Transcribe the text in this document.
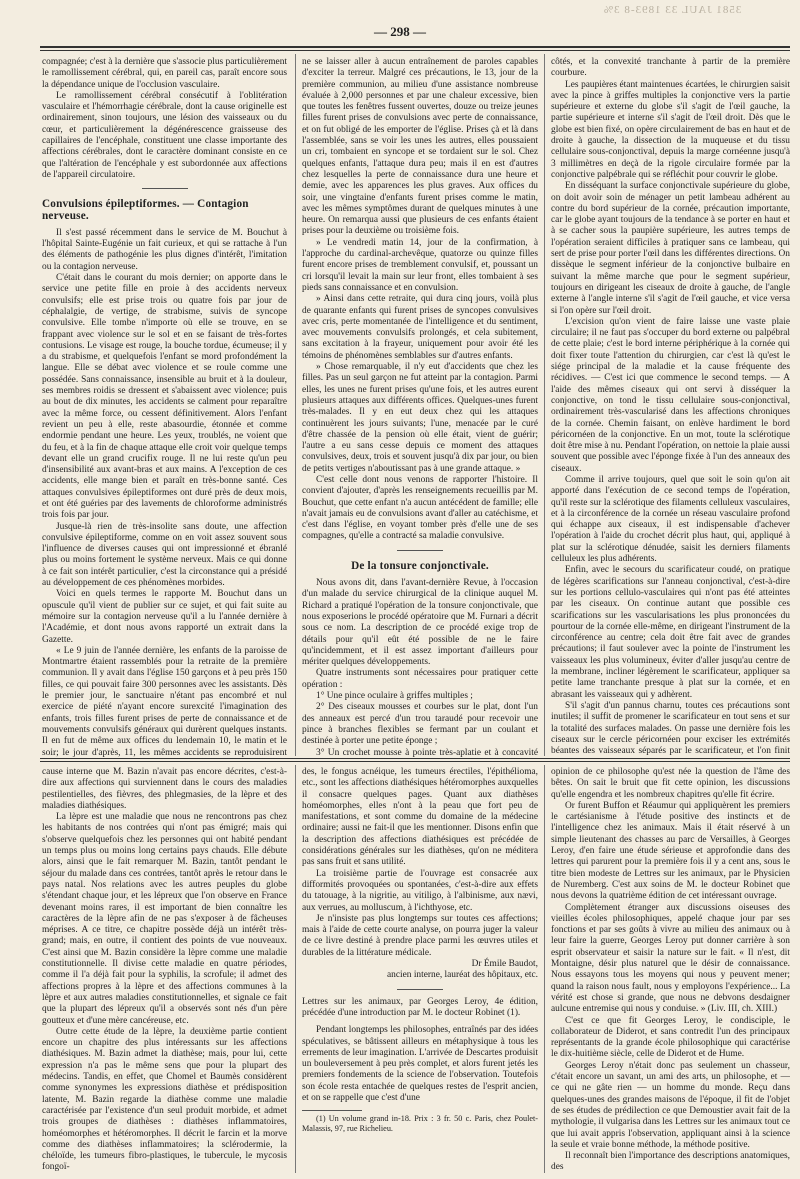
3581 JAUL 33 1893-8 3%
— 298 —

compagnée; c'est à la dernière que s'associe plus particulièrement le ramollissement cérébral, qui, en pareil cas, paraît encore sous la dépendance unique de l'occlusion vasculaire.

Le ramollissement cérébral consécutif à l'oblitération vasculaire et l'hémorrhagie cérébrale, dont la cause originelle est ordinairement, sinon toujours, une lésion des vaisseaux ou du cœur, et particulièrement la dégénérescence graisseuse des capillaires de l'encéphale, constituent une classe importante des affections cérébrales, dont le caractère dominant consiste en ce que l'altération de l'encéphale y est subordonnée aux affections de l'appareil circulatoire.

Convulsions épileptiformes. — Contagion nerveuse.

Il s'est passé récemment dans le service de M. Bouchut à l'hôpital Sainte-Eugénie un fait curieux, et qui se rattache à l'un des éléments de pathogénie les plus dignes d'intérêt, l'imitation ou la contagion nerveuse.

C'était dans le courant du mois dernier; on apporte dans le service une petite fille en proie à des accidents nerveux convulsifs; elle est prise trois ou quatre fois par jour de céphalalgie, de vertige, de strabisme, suivis de syncope convulsive. Elle tombe n'importe où elle se trouve, en se frappant avec violence sur le sol et en se faisant de très-fortes contusions. Le visage est rouge, la bouche tordue, écumeuse; il y a du strabisme, et quelquefois l'enfant se mord profondément la langue. Elle se débat avec violence et se roule comme une possédée. Sans connaissance, insensible au bruit et à la douleur, ses membres roidis se dressent et s'abaissent avec violence; puis au bout de dix minutes, les accidents se calment pour reparaître avec la même force, ou cessent définitivement. Alors l'enfant revient un peu à elle, reste abasourdie, étonnée et comme endormie pendant une heure. Les yeux, troublés, ne voient que du feu, et à la fin de chaque attaque elle croit voir quelque temps devant elle un grand crucifix rouge. Il ne lui reste qu'un peu d'insensibilité aux avant-bras et aux mains. A l'exception de ces accidents, elle mange bien et paraît en très-bonne santé. Ces attaques convulsives épileptiformes ont duré près de deux mois, et ont été guéries par des lavements de chloroforme administrés trois fois par jour.

Jusque-là rien de très-insolite sans doute, une affection convulsive épileptiforme, comme on en voit assez souvent sous l'influence de diverses causes qui ont impressionné et ébranlé plus ou moins fortement le système nerveux. Mais ce qui donne à ce fait son intérêt particulier, c'est la circonstance qui a présidé au développement de ces phénomènes morbides.

Voici en quels termes le rapporte M. Bouchut dans un opuscule qu'il vient de publier sur ce sujet, et qui fait suite au mémoire sur la contagion nerveuse qu'il a lu l'année dernière à l'Académie, et dont nous avons rapporté un extrait dans la Gazette.

« Le 9 juin de l'année dernière, les enfants de la paroisse de Montmartre étaient rassemblés pour la retraite de la première communion. Il y avait dans l'église 150 garçons et à peu près 150 filles, ce qui pouvait faire 300 personnes avec les assistants. Dès le premier jour, le sanctuaire n'étant pas encombré et nul exercice de piété n'ayant encore surexcité l'imagination des enfants, trois filles furent prises de perte de connaissance et de mouvements convulsifs généraux qui durèrent quelques instants. Il en fut de même aux offices du lendemain 10, le matin et le soir; le jour d'après, 11, les mêmes accidents se reproduisirent

ne se laisser aller à aucun entraînement de paroles capables d'exciter la terreur. Malgré ces précautions, le 13, jour de la première communion, au milieu d'une assistance nombreuse évaluée à 2,000 personnes et par une chaleur excessive, bien que toutes les fenêtres fussent ouvertes, douze ou treize jeunes filles furent prises de convulsions avec perte de connaissance, et on fut obligé de les emporter de l'église. Prises çà et là dans l'assemblée, sans se voir les unes les autres, elles poussaient un cri, tombaient en syncope et se tordaient sur le sol. Chez quelques enfants, l'attaque dura peu; mais il en est d'autres chez lesquelles la perte de connaissance dura une heure et demie, avec les apparences les plus graves. Aux offices du soir, une vingtaine d'enfants furent prises comme le matin, avec les mêmes symptômes durant de quelques minutes à une heure. On remarqua aussi que plusieurs de ces enfants étaient prises pour la deuxième ou troisième fois.

» Le vendredi matin 14, jour de la confirmation, à l'approche du cardinal-archevêque, quatorze ou quinze filles furent encore prises de tremblement convulsif, et, poussant un cri lorsqu'il levait la main sur leur front, elles tombaient à ses pieds sans connaissance et en convulsion.

» Ainsi dans cette retraite, qui dura cinq jours, voilà plus de quarante enfants qui furent prises de syncopes convulsives avec cris, perte momentanée de l'intelligence et du sentiment, avec mouvements convulsifs prolongés, et cela subitement, sans excitation à la frayeur, uniquement pour avoir été les témoins de phénomènes semblables sur d'autres enfants.

» Chose remarquable, il n'y eut d'accidents que chez les filles. Pas un seul garçon ne fut atteint par la contagion. Parmi elles, les unes ne furent prises qu'une fois, et les autres eurent plusieurs attaques aux différents offices. Quelques-unes furent très-malades. Il y en eut deux chez qui les attaques continuèrent les jours suivants; l'une, menacée par le curé d'être chassée de la pension où elle était, vient de guérir; l'autre a eu sans cesse depuis ce moment des attaques convulsives, deux, trois et souvent jusqu'à dix par jour, ou bien de petits vertiges n'aboutissant pas à une grande attaque. »

C'est celle dont nous venons de rapporter l'histoire. Il convient d'ajouter, d'après les renseignements recueillis par M. Bouchut, que cette enfant n'a aucun antécédent de famille; elle n'avait jamais eu de convulsions avant d'aller au catéchisme, et c'est dans l'église, en voyant tomber près d'elle une de ses compagnes, qu'elle a contracté sa maladie convulsive.

De la tonsure conjonctivale.

Nous avons dit, dans l'avant-dernière Revue, à l'occasion d'un malade du service chirurgical de la clinique auquel M. Richard a pratiqué l'opération de la tonsure conjonctivale, que nous exposerions le procédé opératoire que M. Furnari a décrit sous ce nom. La description de ce procédé exige trop de détails pour qu'il eût été possible de ne le faire qu'incidemment, et il est assez important d'ailleurs pour mériter quelques développements.

Quatre instruments sont nécessaires pour pratiquer cette opération :

1° Une pince oculaire à griffes multiples ;

2° Des ciseaux mousses et courbes sur le plat, dont l'un des anneaux est percé d'un trou taraudé pour recevoir une pince à branches flexibles se fermant par un coulant et destinée à porter une petite éponge ;

3° Un crochet mousse à pointe très-aplatie et à concavité

côtés, et la convexité tranchante à partir de la première courbure.

Les paupières étant maintenues écartées, le chirurgien saisit avec la pince à griffes multiples la conjonctive vers la partie supérieure et externe du globe s'il s'agit de l'œil gauche, la partie supérieure et interne s'il s'agit de l'œil droit. Dès que le globe est bien fixé, on opère circulairement de bas en haut et de droite à gauche, la dissection de la muqueuse et du tissu cellulaire sous-conjonctival, depuis la marge cornéenne jusqu'à 3 millimètres en deçà de la rigole circulaire formée par la conjonctive palpébrale qui se réfléchit pour couvrir le globe.

En disséquant la surface conjonctivale supérieure du globe, on doit avoir soin de ménager un petit lambeau adhérent au contre du bord supérieur de la cornée, précaution importante, car le globe ayant toujours de la tendance à se porter en haut et à se cacher sous la paupière supérieure, les autres temps de l'opération seraient difficiles à pratiquer sans ce lambeau, qui sert de prise pour porter l'œil dans les différentes directions. On dissèque le segment inférieur de la conjonctive bulbaire en suivant la même marche que pour le segment supérieur, toujours en dirigeant les ciseaux de droite à gauche, de l'angle externe à l'angle interne s'il s'agit de l'œil gauche, et vice versa si l'on opère sur l'œil droit.

L'excision qu'on vient de faire laisse une vaste plaie circulaire; il ne faut pas s'occuper du bord externe ou palpébral de cette plaie; c'est le bord interne périphérique à la cornée qui doit fixer toute l'attention du chirurgien, car c'est là qu'est le siége principal de la maladie et la cause fréquente des récidives. — C'est ici que commence le second temps. — A l'aide des mêmes ciseaux qui ont servi à disséquer la conjonctive, on tond le tissu cellulaire sous-conjonctival, ordinairement très-vascularisé dans les affections chroniques de la cornée. Chemin faisant, on enlève hardiment le bord péricornéen de la conjonctive. En un mot, toute la sclérotique doit être mise à nu. Pendant l'opération, on nettoie la plaie aussi souvent que possible avec l'éponge fixée à l'un des anneaux des ciseaux.

Comme il arrive toujours, quel que soit le soin qu'on ait apporté dans l'exécution de ce second temps de l'opération, qu'il reste sur la sclérotique des filaments celluleux vasculaires, et à la circonférence de la cornée un réseau vasculaire profond qui échappe aux ciseaux, il est indispensable d'achever l'opération à l'aide du crochet décrit plus haut, qui, appliqué à plat sur la sclérotique dénudée, saisit les derniers filaments celluleux les plus adhérents.

Enfin, avec le secours du scarificateur coudé, on pratique de légères scarifications sur l'anneau conjonctival, c'est-à-dire sur les portions cellulo-vasculaires qui n'ont pas été atteintes par les ciseaux. On continue autant que possible ces scarifications sur les vascularisations les plus prononcées du pourtour de la cornée elle-même, en dirigeant l'instrument de la circonférence au centre; cela doit être fait avec de grandes précautions; il faut soulever avec la pointe de l'instrument les vaisseaux les plus volumineux, éviter d'aller jusqu'au centre de la membrane, incliner légèrement le scarificateur, appliquer sa petite lame tranchante presque à plat sur la cornée, et en abrasant les vaisseaux qui y adhèrent.

S'il s'agit d'un pannus charnu, toutes ces précautions sont inutiles; il suffit de promener le scarificateur en tout sens et sur la totalité des surfaces malades. On passe une dernière fois les ciseaux sur le cercle péricornéen pour exciser les extrémités béantes des vaisseaux séparés par le scarificateur, et l'on finit

cause interne que M. Bazin n'avait pas encore décrites, c'est-à-dire aux affections qui surviennent dans le cours des maladies pestilentielles, des fièvres, des phlegmasies, de la lèpre et des maladies diathésiques.

La lèpre est une maladie que nous ne rencontrons pas chez les habitants de nos contrées qui n'ont pas émigré; mais qui s'observe quelquefois chez les personnes qui ont habité pendant un temps plus ou moins long certains pays chauds. Elle débute alors, ainsi que le fait remarquer M. Bazin, tantôt pendant le séjour du malade dans ces contrées, tantôt après le retour dans le pays natal. Nos relations avec les autres peuples du globe s'étendant chaque jour, et les lépreux que l'on observe en France devenant moins rares, il est important de bien connaître les caractères de la lèpre afin de ne pas s'exposer à de fâcheuses méprises. A ce titre, ce chapitre possède déjà un intérêt très-grand; mais, en outre, il contient des points de vue nouveaux. C'est ainsi que M. Bazin considère la lèpre comme une maladie constitutionnelle. Il divise cette maladie en quatre périodes, comme il l'a déjà fait pour la syphilis, la scrofule; il admet des affections propres à la lèpre et des affections communes à la lèpre et aux autres maladies constitutionnelles, et signale ce fait que la plupart des lépreux qu'il a observés sont nés d'un père goutteux et d'une mère cancéreuse, etc.

Outre cette étude de la lèpre, la deuxième partie contient encore un chapitre des plus intéressants sur les affections diathésiques. M. Bazin admet la diathèse; mais, pour lui, cette expression n'a pas le même sens que pour la plupart des médecins. Tandis, en effet, que Chomel et Baumès considèrent comme synonymes les expressions diathèse et prédisposition latente, M. Bazin regarde la diathèse comme une maladie caractérisée par l'existence d'un seul produit morbide, et admet trois groupes de diathèses : diathèses inflammatoires, homéomorphes et hétéromorphes. Il décrit le farcin et la morve comme des diathèses inflammatoires; la sclérodermie, la chéloïde, les tumeurs fibro-plastiques, le tubercule, le mycosis fongoï-

des, le fongus acnéique, les tumeurs érectiles, l'épithélioma, etc., sont les affections diathésiques hétéromorphes auxquelles il consacre quelques pages. Quant aux diathèses homéomorphes, elles n'ont à la peau que fort peu de manifestations, et sont comme du domaine de la médecine ordinaire; aussi ne fait-il que les mentionner. Disons enfin que la description des affections diathésiques est précédée de considérations générales sur les diathèses, qu'on ne méditera pas sans fruit et sans utilité.

La troisième partie de l'ouvrage est consacrée aux difformités provoquées ou spontanées, c'est-à-dire aux effets du tatouage, à la nigritie, au vitiligo, à l'albinisme, aux nævi, aux verrues, au molluscum, à l'ichthyose, etc.

Je n'insiste pas plus longtemps sur toutes ces affections; mais à l'aide de cette courte analyse, on pourra juger la valeur de ce livre destiné à prendre place parmi les œuvres utiles et durables de la littérature médicale.

Dr Émile Baudot,
ancien interne, lauréat des hôpitaux, etc.

Lettres sur les animaux, par Georges Leroy, 4e édition, précédée d'une introduction par M. le docteur Robinet (1).

Pendant longtemps les philosophes, entraînés par des idées spéculatives, se bâtissent ailleurs en métaphysique à tous les errements de leur imagination. L'arrivée de Descartes produisit un bouleversement à peu près complet, et alors furent jetés les premiers fondements de la science de l'observation. Toutefois son école resta entachée de quelques restes de l'esprit ancien, et on se rappelle que c'est d'une

(1) Un volume grand in-18. Prix : 3 fr. 50 c. Paris, chez Poulet-Malassis, 97, rue Richelieu.

opinion de ce philosophe qu'est née la question de l'âme des bêtes. On sait le bruit que fit cette opinion, les discussions qu'elle engendra et les nombreux chapitres qu'elle fit écrire.

Or furent Buffon et Réaumur qui appliquèrent les premiers le cartésianisme à l'étude positive des instincts et de l'intelligence chez les animaux. Mais il était réservé à un simple lieutenant des chasses au parc de Versailles, à Georges Leroy, d'en faire une étude sérieuse et approfondie dans des lettres qui parurent pour la première fois il y a cent ans, sous le titre bien modeste de Lettres sur les animaux, par le Physicien de Nuremberg. C'est aux soins de M. le docteur Robinet que nous devons la quatrième édition de cet intéressant ouvrage.

Complètement étranger aux discussions oiseuses des vieilles écoles philosophiques, appelé chaque jour par ses fonctions et par ses goûts à vivre au milieu des animaux ou à leur faire la guerre, Georges Leroy put donner carrière à son esprit observateur et saisir la nature sur le fait. « Il n'est, dit Montaigne, désir plus naturel que le désir de connaissance. Nous essayons tous les moyens qui nous y peuvent mener; quand la raison nous fault, nous y employons l'expérience... La vérité est chose si grande, que nous ne debvons desdaigner aulcune entremise qui nous y conduise. » (Liv. III, ch. XIII.)

C'est ce que fit Georges Leroy, le condisciple, le collaborateur de Diderot, et sans contredit l'un des principaux représentants de la grande école philosophique qui caractérise le dix-huitième siècle, celle de Diderot et de Hume.

Georges Leroy n'était donc pas seulement un chasseur, c'était encore un savant, un ami des arts, un philosophe, et — ce qui ne gâte rien — un homme du monde. Reçu dans quelques-unes des grandes maisons de l'époque, il fit de l'objet de ses études de prédilection ce que Demoustier avait fait de la mythologie, il vulgarisa dans les Lettres sur les animaux tout ce que lui avait appris l'observation, appliquant ainsi à la science la seule et vraie bonne méthode, la méthode positive.

Il reconnaît bien l'importance des descriptions anatomiques, des
